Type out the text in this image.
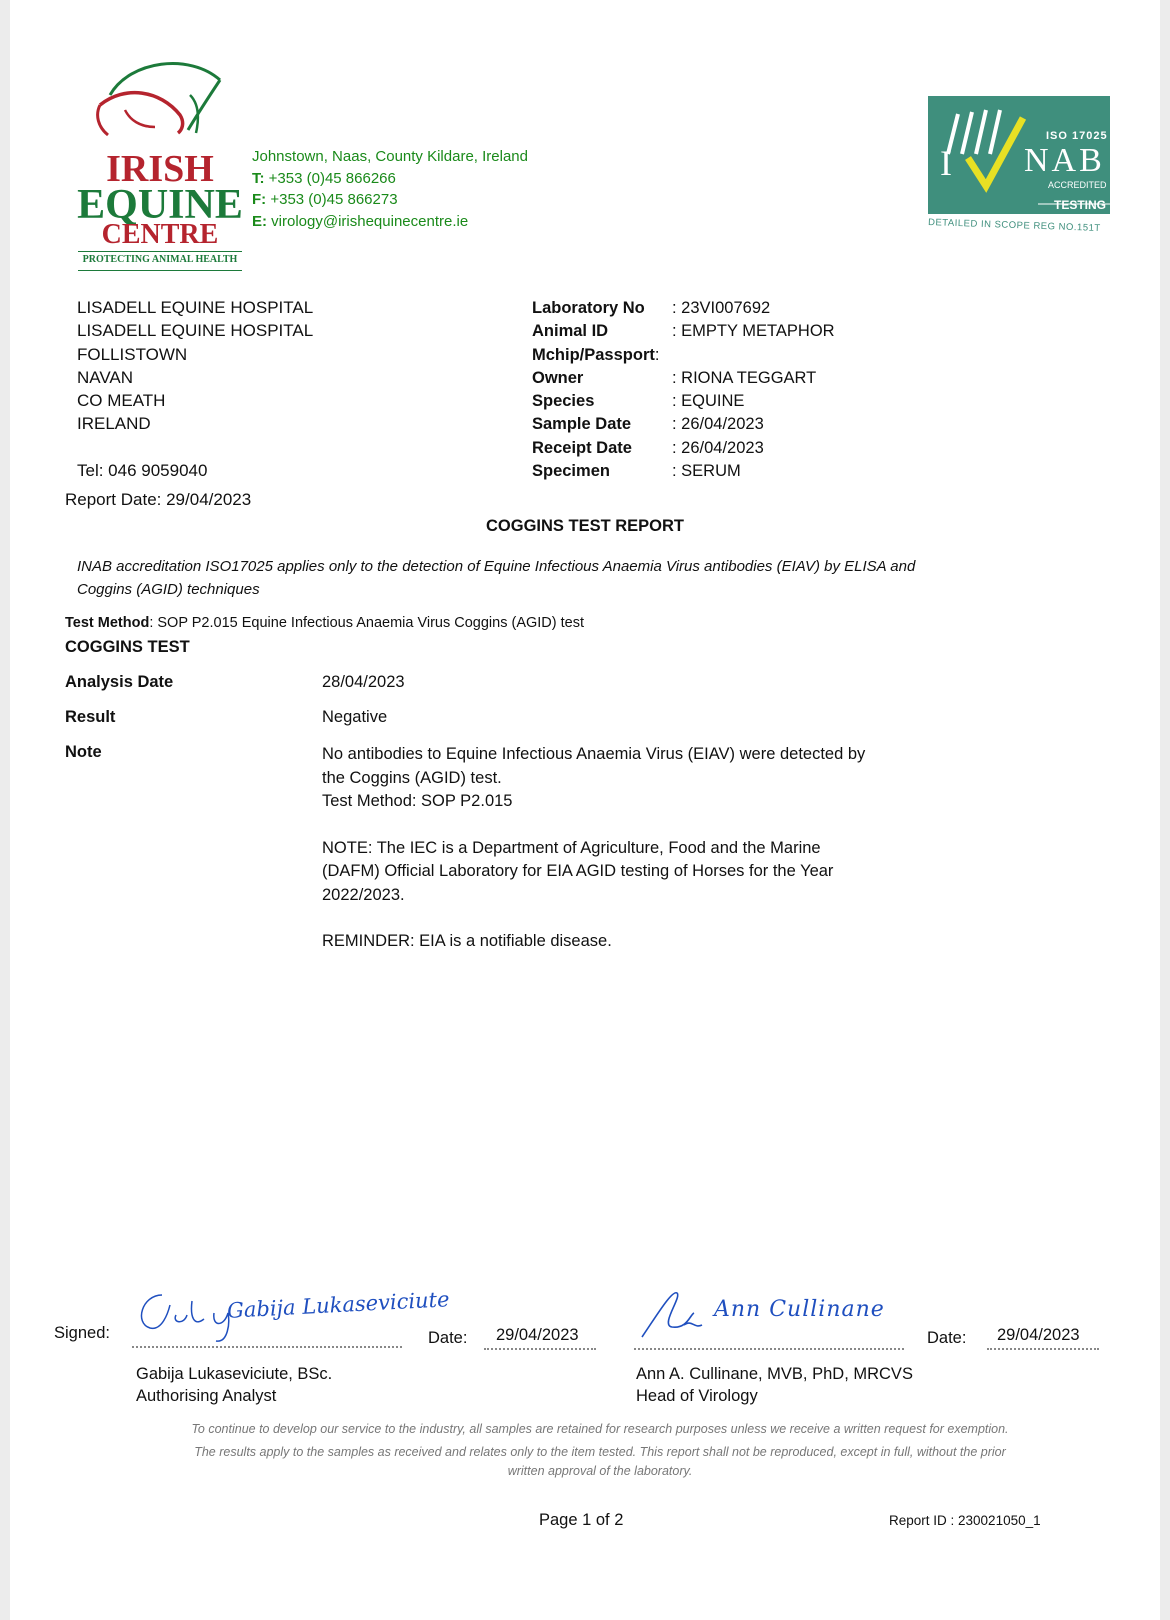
IRISH
EQUINE
CENTRE
PROTECTING ANIMAL HEALTH
Johnstown, Naas, County Kildare, Ireland
T: +353 (0)45 866266
F: +353 (0)45 866273
E: virology@irishequinecentre.ie
ISO 17025
I NAB
ACCREDITED
TESTING
DETAILED IN SCOPE REG NO.151T
LISADELL EQUINE HOSPITAL
LISADELL EQUINE HOSPITAL
FOLLISTOWN
NAVAN
CO MEATH
IRELAND
Tel: 046 9059040
Report Date: 29/04/2023
Laboratory No	: 23VI007692
Animal ID	: EMPTY METAPHOR
Mchip/Passport :
Owner	: RIONA TEGGART
Species	: EQUINE
Sample Date	: 26/04/2023
Receipt Date	: 26/04/2023
Specimen	: SERUM
COGGINS TEST REPORT
INAB accreditation ISO17025 applies only to the detection of Equine Infectious Anaemia Virus antibodies (EIAV) by ELISA and
Coggins (AGID) techniques
Test Method: SOP P2.015 Equine Infectious Anaemia Virus Coggins (AGID) test
COGGINS TEST
Analysis Date	28/04/2023
Result	Negative
Note	No antibodies to Equine Infectious Anaemia Virus (EIAV) were detected by
the Coggins (AGID) test.
Test Method: SOP P2.015
NOTE: The IEC is a Department of Agriculture, Food and the Marine
(DAFM) Official Laboratory for EIA AGID testing of Horses for the Year
2022/2023.
REMINDER: EIA is a notifiable disease.
Signed:
Gabija Lukaseviciute
Date: 29/04/2023
Ann Cullinane
Date: 29/04/2023
Gabija Lukaseviciute, BSc.
Authorising Analyst
Ann A. Cullinane, MVB, PhD, MRCVS
Head of Virology
To continue to develop our service to the industry, all samples are retained for research purposes unless we receive a written request for exemption.
The results apply to the samples as received and relates only to the item tested. This report shall not be reproduced, except in full, without the prior
written approval of the laboratory.
Page 1 of 2	Report ID : 230021050_1
